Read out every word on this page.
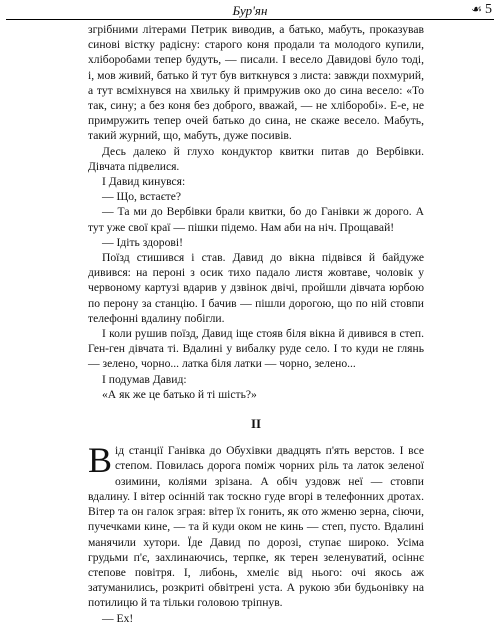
Бур'ян	☙ 5

згрібними літерами Петрик виводив, а батько, мабуть, проказував синові вістку радісну: старого коня продали та молодого купили, хліборобами тепер будуть, — писали. І весело Давидові було тоді, і, мов живий, батько й тут був виткнувся з листа: завжди похмурий, а тут всміхнувся на хвильку й примружив око до сина весело: «То так, сину; а без коня без доброго, вважай, — не хліборобі». Е-е, не примружить тепер очей батько до сина, не скаже весело. Мабуть, такий журний, що, мабуть, дуже посивів.

Десь далеко й глухо кондуктор квитки питав до Вербівки. Дівчата підвелися.

І Давид кинувся:

— Що, встаєте?

— Та ми до Вербівки брали квитки, бо до Ганівки ж дорого. А тут уже свої краї — пішки підемо. Нам аби на ніч. Прощавай!

— Ідіть здорові!

Поїзд стишився і став. Давид до вікна підвівся й байдуже дивився: на пероні з осик тихо падало листя жовтаве, чоловік у червоному картузі вдарив у дзвінок двічі, пройшли дівчата юрбою по перону за станцію. І бачив — пішли дорогою, що по ній стовпи телефонні вдалину побігли.

І коли рушив поїзд, Давид іще стояв біля вікна й дивився в степ. Ген-ген дівчата ті. Вдалині у вибалку руде село. І то куди не глянь — зелено, чорно... латка біля латки — чорно, зелено...

І подумав Давид:

«А як же це батько й ті шість?»

II

Від станції Ганівка до Обухівки двадцять п'ять верстов. І все степом. Повилась дорога поміж чорних ріль та латок зеленої озимини, коліями зрізана. А обіч уздовж неї — стовпи вдалину. І вітер осінній так тоскно гуде вгорі в телефонних дротах. Вітер та он галок зграя: вітер їх гонить, як ото жменю зерна, сіючи, пучечками кине, — та й куди оком не кинь — степ, пусто. Вдалині манячили хутори. Їде Давид по дорозі, ступає широко. Усіма грудьми п'є, захлинаючись, терпке, як терен зеленуватий, осіннє степове повітря. І, либонь, хмеліє від нього: очі якось аж затуманились, розкриті обвітрені уста. А рукою зби будьонівку на потилицю й та тільки головою тріпнув.

— Ех!
